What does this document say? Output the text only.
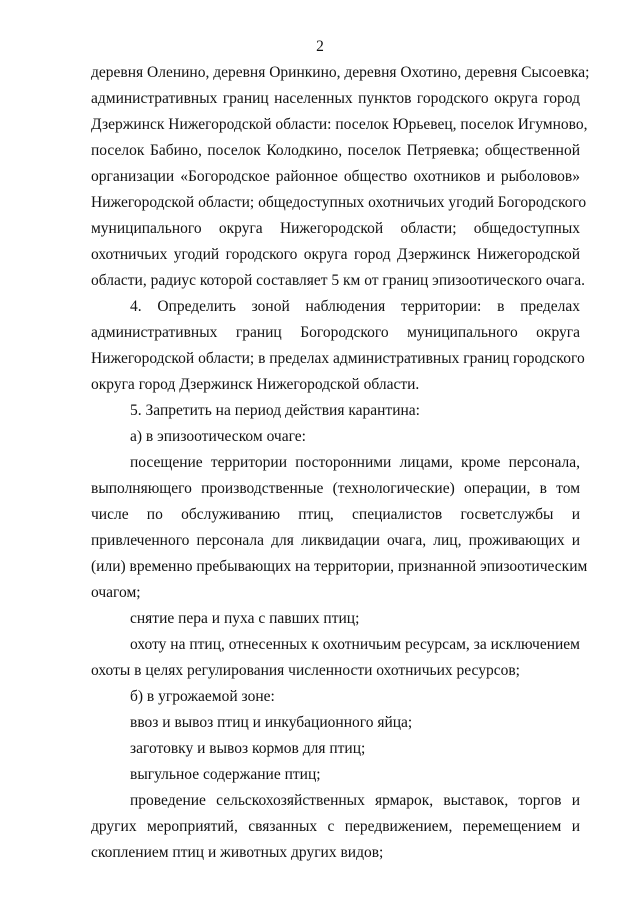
2
деревня Оленино, деревня Оринкино, деревня Охотино, деревня Сысоевка;
административных границ населенных пунктов городского округа город
Дзержинск Нижегородской области: поселок Юрьевец, поселок Игумново,
поселок Бабино, поселок Колодкино, поселок Петряевка; общественной
организации «Богородское районное общество охотников и рыболовов»
Нижегородской области; общедоступных охотничьих угодий Богородского
муниципального округа Нижегородской области; общедоступных
охотничьих угодий городского округа город Дзержинск Нижегородской
области, радиус которой составляет 5 км от границ эпизоотического очага.
4. Определить зоной наблюдения территории: в пределах
административных границ Богородского муниципального округа
Нижегородской области; в пределах административных границ городского
округа город Дзержинск Нижегородской области.
5. Запретить на период действия карантина:
а) в эпизоотическом очаге:
посещение территории посторонними лицами, кроме персонала,
выполняющего производственные (технологические) операции, в том
числе по обслуживанию птиц, специалистов госветслужбы и
привлеченного персонала для ликвидации очага, лиц, проживающих и
(или) временно пребывающих на территории, признанной эпизоотическим
очагом;
снятие пера и пуха с павших птиц;
охоту на птиц, отнесенных к охотничьим ресурсам, за исключением
охоты в целях регулирования численности охотничьих ресурсов;
б) в угрожаемой зоне:
ввоз и вывоз птиц и инкубационного яйца;
заготовку и вывоз кормов для птиц;
выгульное содержание птиц;
проведение сельскохозяйственных ярмарок, выставок, торгов и
других мероприятий, связанных с передвижением, перемещением и
скоплением птиц и животных других видов;
